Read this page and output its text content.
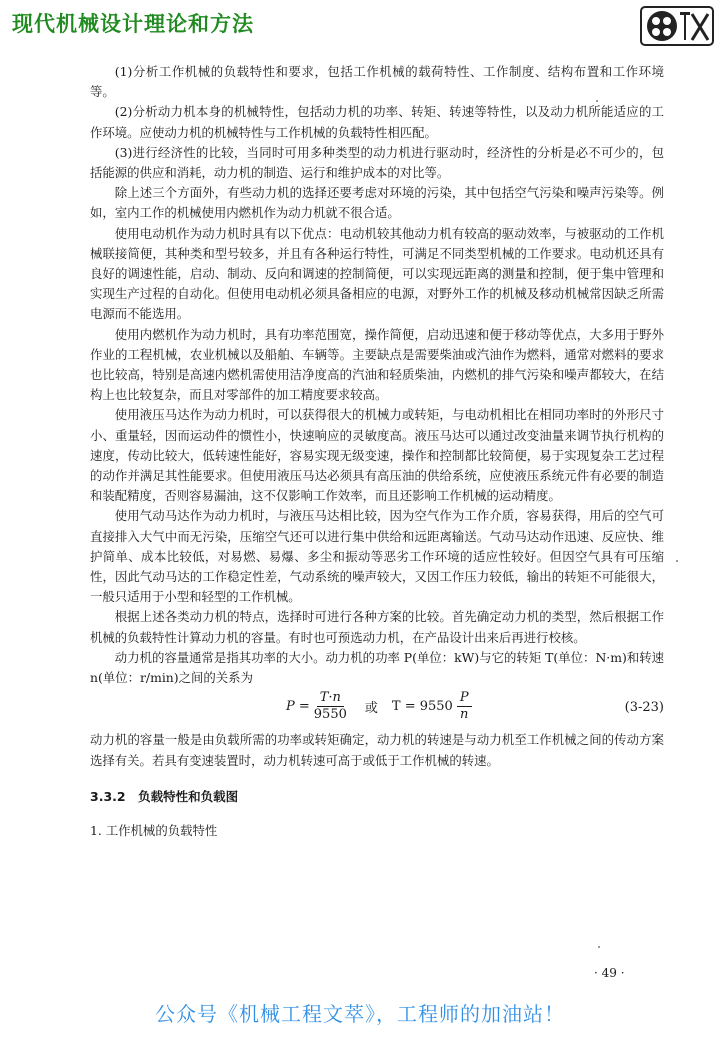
现代机械设计理论和方法

(1)分析工作机械的负载特性和要求，包括工作机械的载荷特性、工作制度、结构布置和工作环境等。

(2)分析动力机本身的机械特性，包括动力机的功率、转矩、转速等特性，以及动力机所能适应的工作环境。应使动力机的机械特性与工作机械的负载特性相匹配。

(3)进行经济性的比较，当同时可用多种类型的动力机进行驱动时，经济性的分析是必不可少的，包括能源的供应和消耗，动力机的制造、运行和维护成本的对比等。

除上述三个方面外，有些动力机的选择还要考虑对环境的污染，其中包括空气污染和噪声污染等。例如，室内工作的机械使用内燃机作为动力机就不很合适。

使用电动机作为动力机时具有以下优点：电动机较其他动力机有较高的驱动效率，与被驱动的工作机械联接简便，其种类和型号较多，并且有各种运行特性，可满足不同类型机械的工作要求。电动机还具有良好的调速性能，启动、制动、反向和调速的控制简便，可以实现远距离的测量和控制，便于集中管理和实现生产过程的自动化。但使用电动机必须具备相应的电源，对野外工作的机械及移动机械常因缺乏所需电源而不能选用。

使用内燃机作为动力机时，具有功率范围宽，操作简便，启动迅速和便于移动等优点，大多用于野外作业的工程机械，农业机械以及船舶、车辆等。主要缺点是需要柴油或汽油作为燃料，通常对燃料的要求也比较高，特别是高速内燃机需使用洁净度高的汽油和轻质柴油，内燃机的排气污染和噪声都较大，在结构上也比较复杂，而且对零部件的加工精度要求较高。

使用液压马达作为动力机时，可以获得很大的机械力或转矩，与电动机相比在相同功率时的外形尺寸小、重量轻，因而运动件的惯性小，快速响应的灵敏度高。液压马达可以通过改变油量来调节执行机构的速度，传动比较大，低转速性能好，容易实现无级变速，操作和控制都比较简便，易于实现复杂工艺过程的动作并满足其性能要求。但使用液压马达必须具有高压油的供给系统，应使液压系统元件有必要的制造和装配精度，否则容易漏油，这不仅影响工作效率，而且还影响工作机械的运动精度。

使用气动马达作为动力机时，与液压马达相比较，因为空气作为工作介质，容易获得，用后的空气可直接排入大气中而无污染，压缩空气还可以进行集中供给和远距离输送。气动马达动作迅速、反应快、维护简单、成本比较低，对易燃、易爆、多尘和振动等恶劣工作环境的适应性较好。但因空气具有可压缩性，因此气动马达的工作稳定性差，气动系统的噪声较大，又因工作压力较低，输出的转矩不可能很大，一般只适用于小型和轻型的工作机械。

根据上述各类动力机的特点，选择时可进行各种方案的比较。首先确定动力机的类型，然后根据工作机械的负载特性计算动力机的容量。有时也可预选动力机，在产品设计出来后再进行校核。

动力机的容量通常是指其功率的大小。动力机的功率 P(单位：kW)与它的转矩 T(单位：N·m)和转速 n(单位：r/min)之间的关系为

$P = \frac{T\cdot n}{9550}$ 或 $T = 9550 \frac{P}{n}$	(3-23)

动力机的容量一般是由负载所需的功率或转矩确定，动力机的转速是与动力机至工作机械之间的传动方案选择有关。若具有变速装置时，动力机转速可高于或低于工作机械的转速。

3.3.2　负载特性和负载图

1. 工作机械的负载特性

· 49 ·
公众号《机械工程文萃》，工程师的加油站！
